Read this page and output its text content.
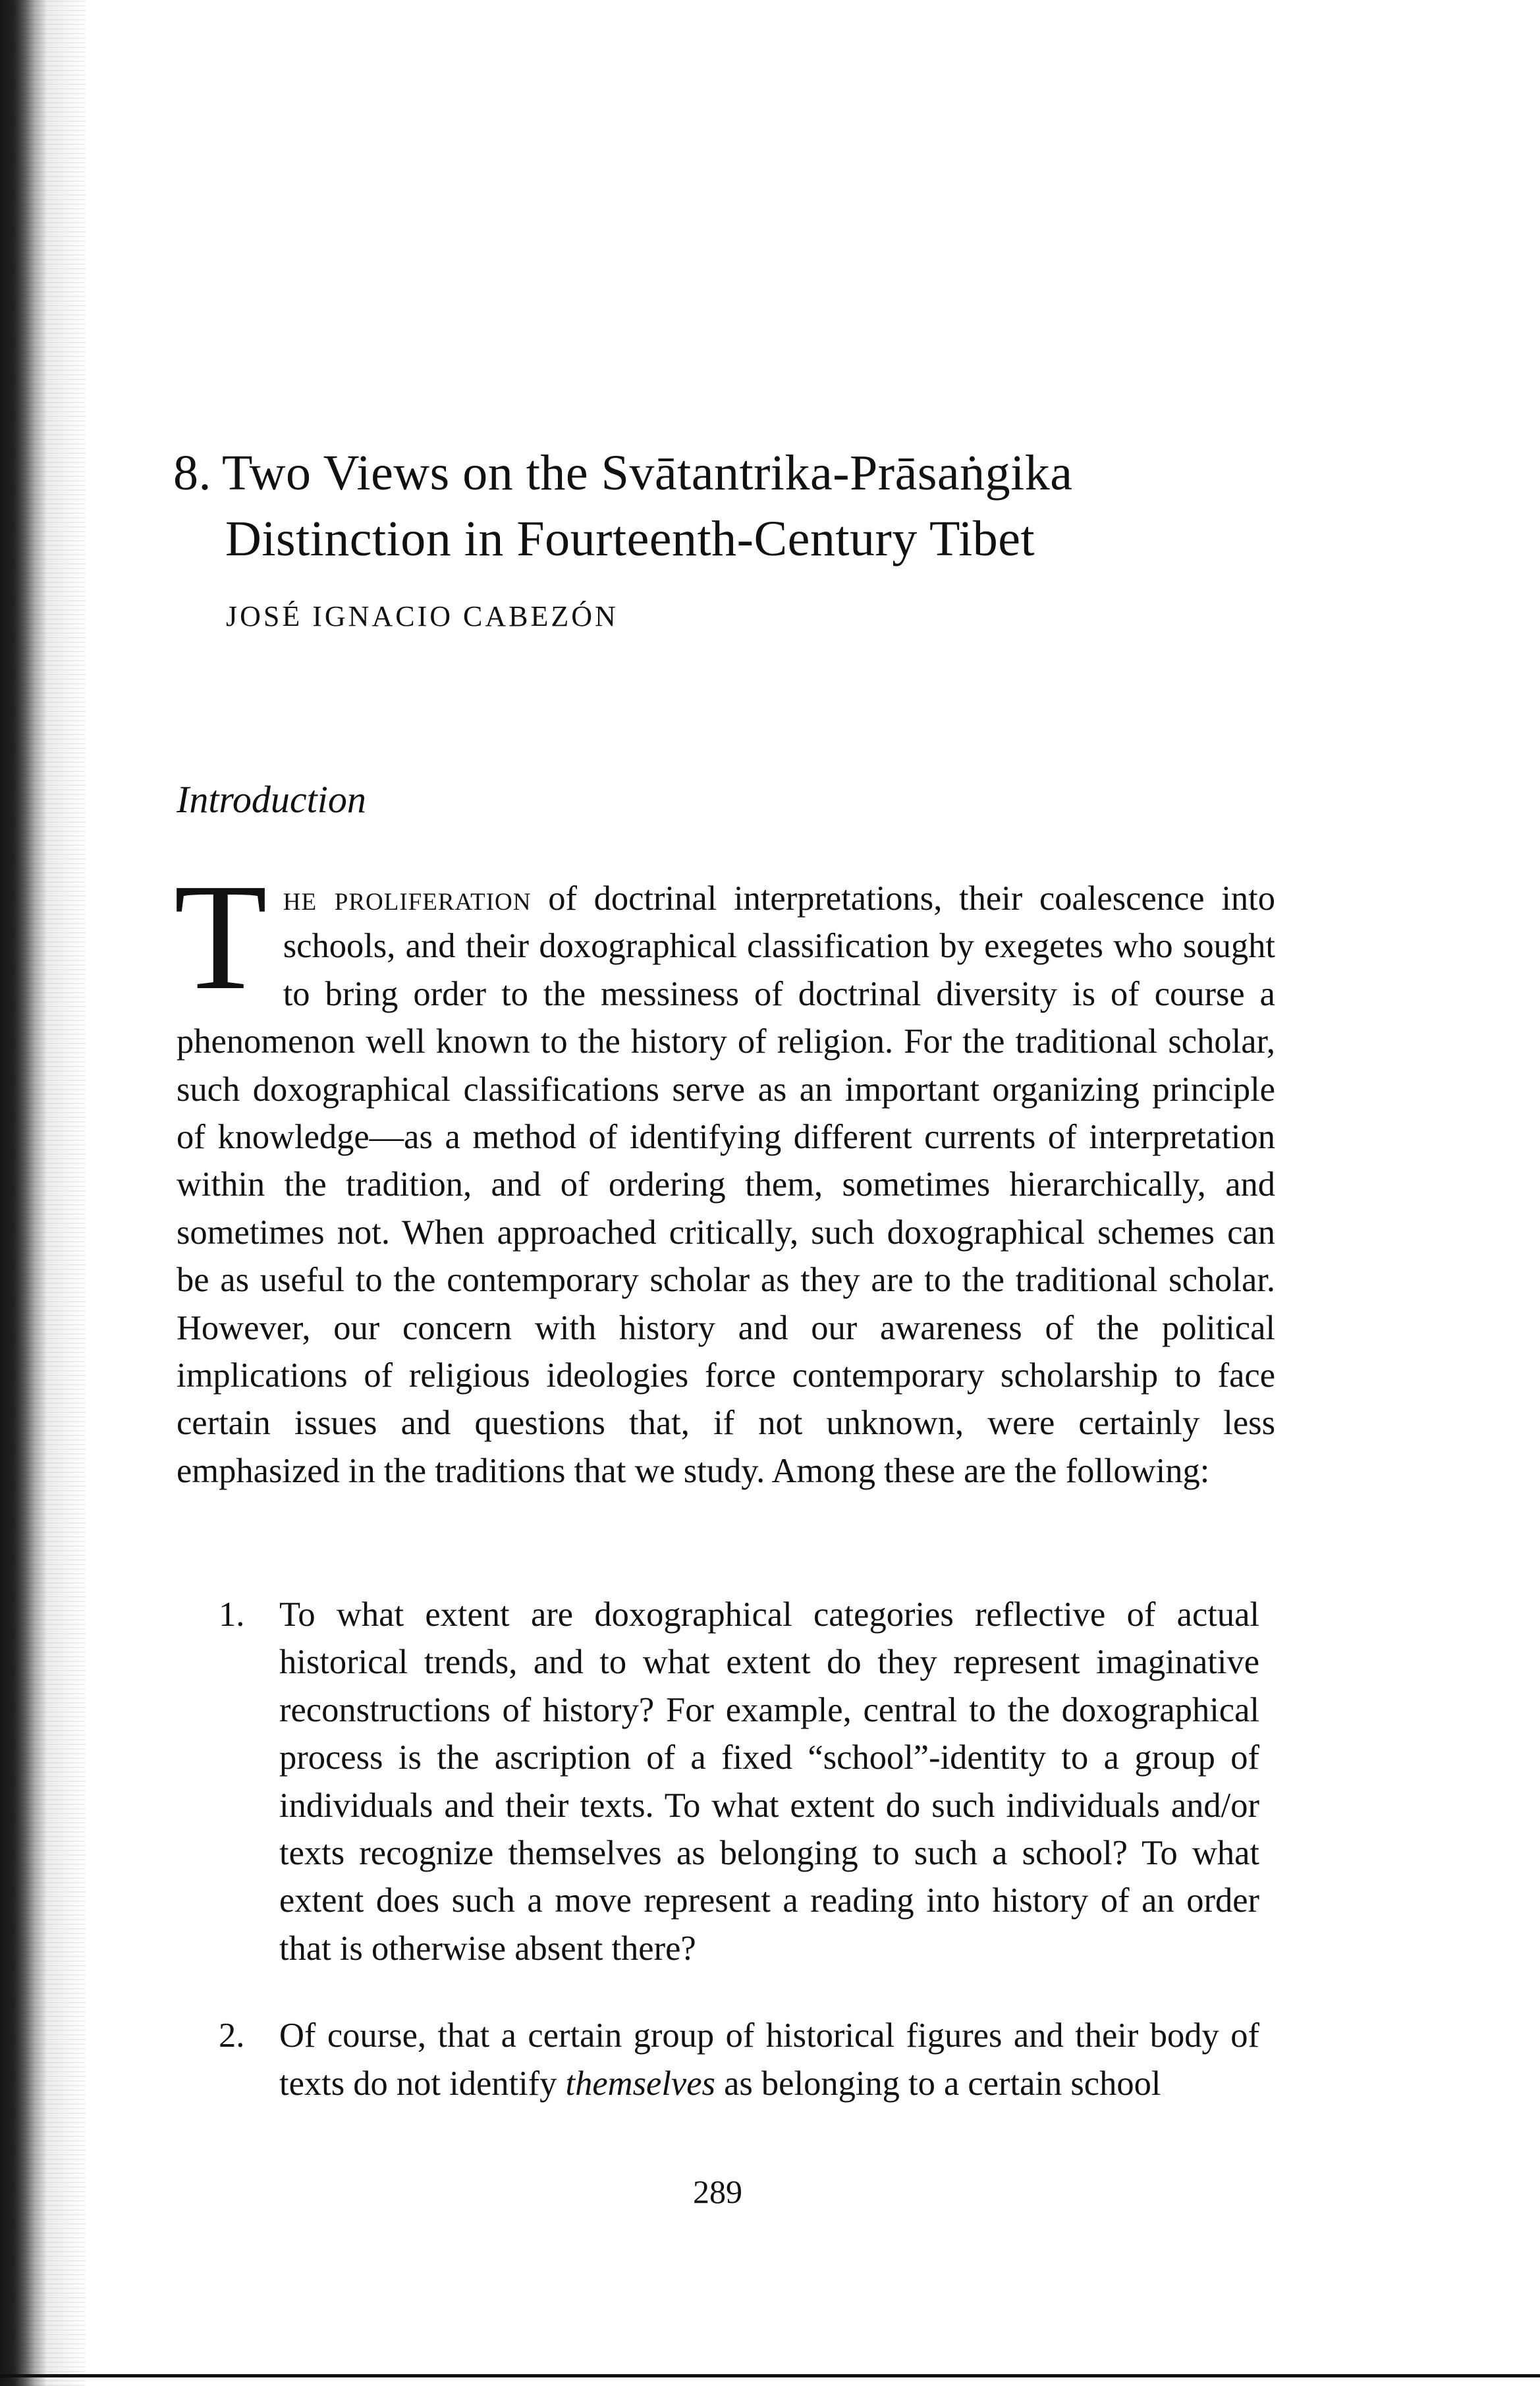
8. Two Views on the Svātantrika-Prāsaṅgika
Distinction in Fourteenth-Century Tibet

JOSÉ IGNACIO CABEZÓN

Introduction

The proliferation of doctrinal interpretations, their coalescence into schools, and their doxographical classification by exegetes who sought to bring order to the messiness of doctrinal diversity is of course a phenomenon well known to the history of religion. For the traditional scholar, such doxographical classifications serve as an important organizing principle of knowledge—as a method of identifying different currents of interpretation within the tradition, and of ordering them, sometimes hierarchically, and sometimes not. When approached critically, such doxographical schemes can be as useful to the contemporary scholar as they are to the traditional scholar. However, our concern with history and our awareness of the political implications of religious ideologies force contemporary scholarship to face certain issues and questions that, if not unknown, were certainly less emphasized in the traditions that we study. Among these are the following:

1. To what extent are doxographical categories reflective of actual historical trends, and to what extent do they represent imaginative reconstructions of history? For example, central to the doxographical process is the ascription of a fixed “school”-identity to a group of individuals and their texts. To what extent do such individuals and/or texts recognize themselves as belonging to such a school? To what extent does such a move represent a reading into history of an order that is otherwise absent there?
2. Of course, that a certain group of historical figures and their body of texts do not identify themselves as belonging to a certain school

289
